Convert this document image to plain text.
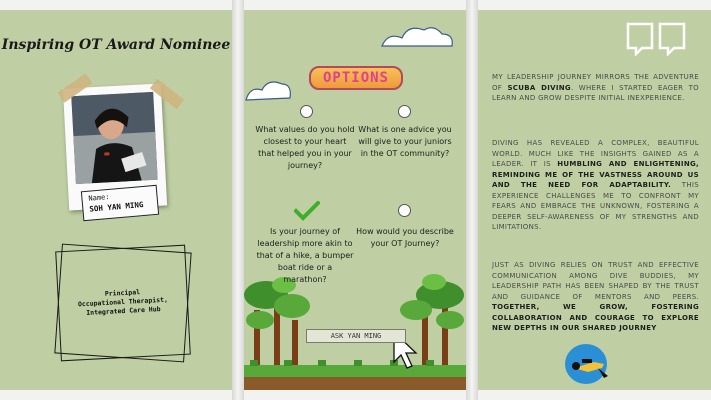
Inspiring OT Award Nominee
Name:
SOH YAN MING
Principal
Occupational Therapist,
Integrated Care Hub
OPTIONS
What values do you hold closest to your heart that helped you in your journey?
What is one advice you will give to your juniors in the OT community?
Is your journey of leadership more akin to that of a hike, a bumper boat ride or a marathon?
How would you describe your OT Journey?
ASK YAN MING
MY LEADERSHIP JOURNEY MIRRORS THE ADVENTURE OF SCUBA DIVING. WHERE I STARTED EAGER TO LEARN AND GROW DESPITE INITIAL INEXPERIENCE.
DIVING HAS REVEALED A COMPLEX, BEAUTIFUL WORLD. MUCH LIKE THE INSIGHTS GAINED AS A LEADER. IT IS HUMBLING AND ENLIGHTENING, REMINDING ME OF THE VASTNESS AROUND US AND THE NEED FOR ADAPTABILITY. THIS EXPERIENCE CHALLENGES ME TO CONFRONT MY FEARS AND EMBRACE THE UNKNOWN, FOSTERING A DEEPER SELF-AWARENESS OF MY STRENGTHS AND LIMITATIONS.
JUST AS DIVING RELIES ON TRUST AND EFFECTIVE COMMUNICATION AMONG DIVE BUDDIES, MY LEADERSHIP PATH HAS BEEN SHAPED BY THE TRUST AND GUIDANCE OF MENTORS AND PEERS. TOGETHER, WE GROW, FOSTERING COLLABORATION AND COURAGE TO EXPLORE NEW DEPTHS IN OUR SHARED JOURNEY
